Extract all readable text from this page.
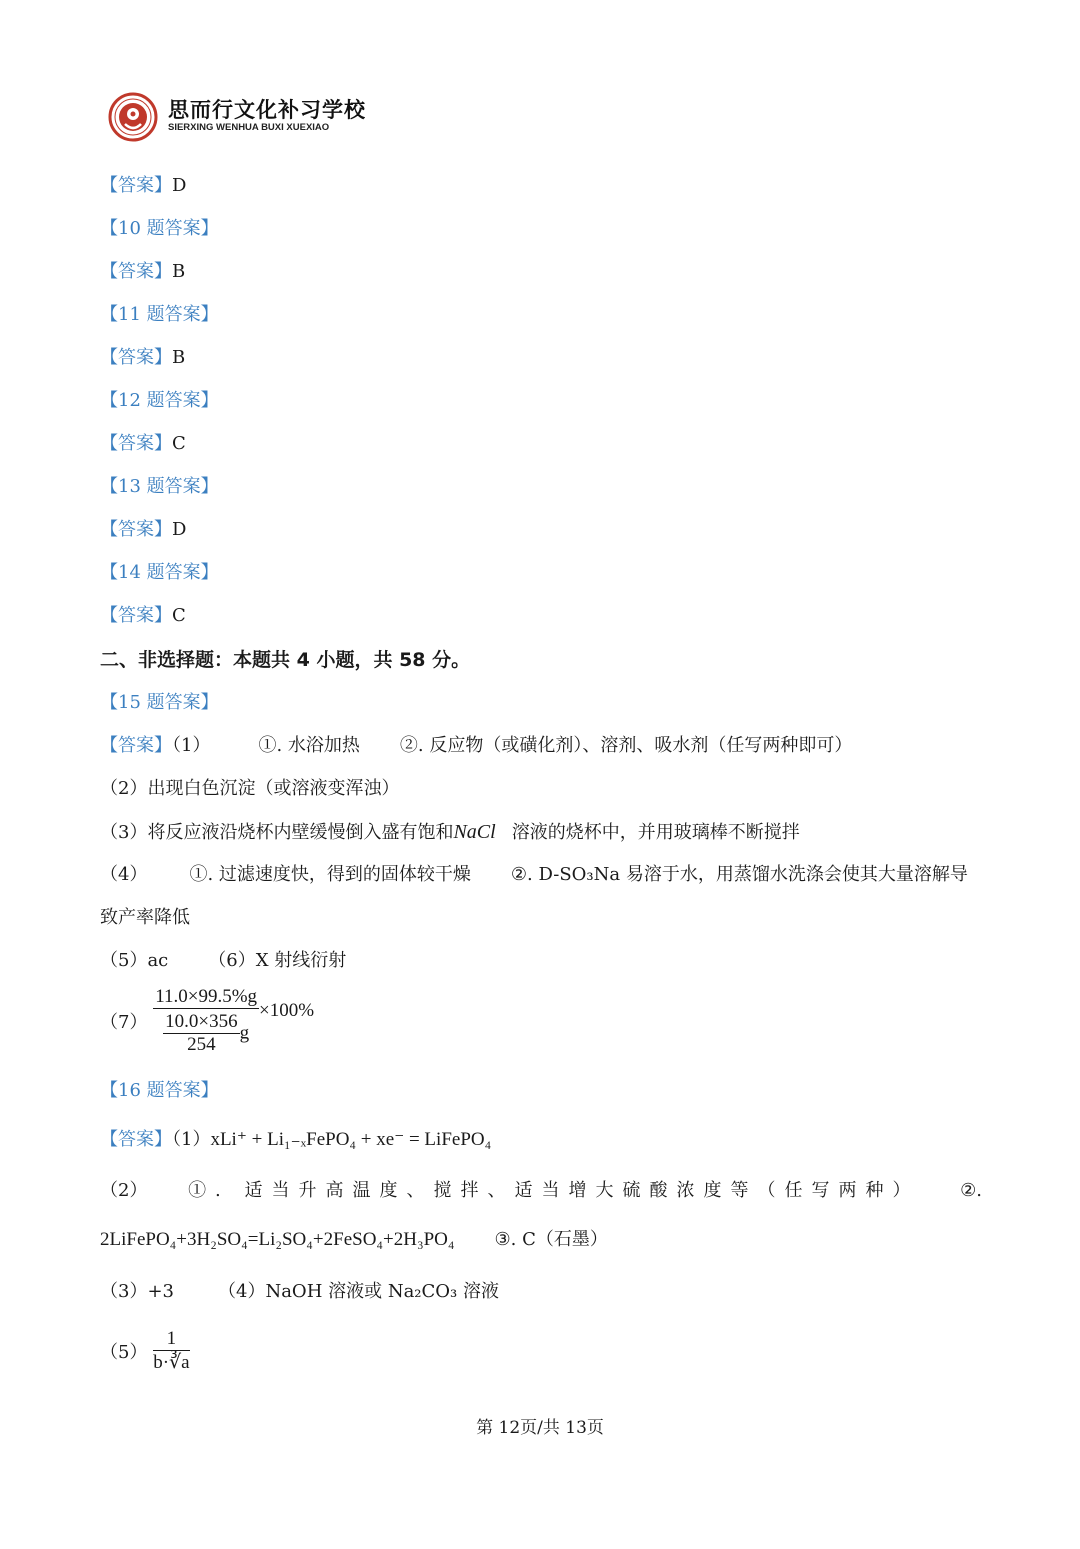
思而行文化补习学校
SIERXING WENHUA BUXI XUEXIAO
【答案】D
【10 题答案】
【答案】B
【11 题答案】
【答案】B
【12 题答案】
【答案】C
【13 题答案】
【答案】D
【14 题答案】
【答案】C
二、非选择题：本题共 4 小题，共 58 分。
【15 题答案】
【答案】（1）	①. 水浴加热 ②. 反应物（或磺化剂）、溶剂、吸水剂（任写两种即可）
（2）出现白色沉淀（或溶液变浑浊）
（3）将反应液沿烧杯内壁缓慢倒入盛有饱和NaCl 溶液的烧杯中，并用玻璃棒不断搅拌
（4） ①. 过滤速度快，得到的固体较干燥 ②. D-SO₃Na 易溶于水，用蒸馏水洗涤会使其大量溶解导
致产率降低
（5）ac （6）X 射线衍射
$(7) \frac{11.0\times 99.5\%g}{\frac{10.0\times 356}{254} g} \times 100\%$
【16 题答案】
【答案】（1）xLi⁺ + Li₁₋ₓFePO₄ + xe⁻ = LiFePO₄
（2） ①. 适当升高温度、搅拌、适当增大硫酸浓度等（任写两种） ②.
2LiFePO₄+3H₂SO₄=Li₂SO₄+2FeSO₄+2H₃PO₄ ③. C（石墨）
（3）+3 （4）NaOH 溶液或 Na₂CO₃ 溶液
$(5) \frac{1}{b\cdot∛a}$
第 12页/共 13页
